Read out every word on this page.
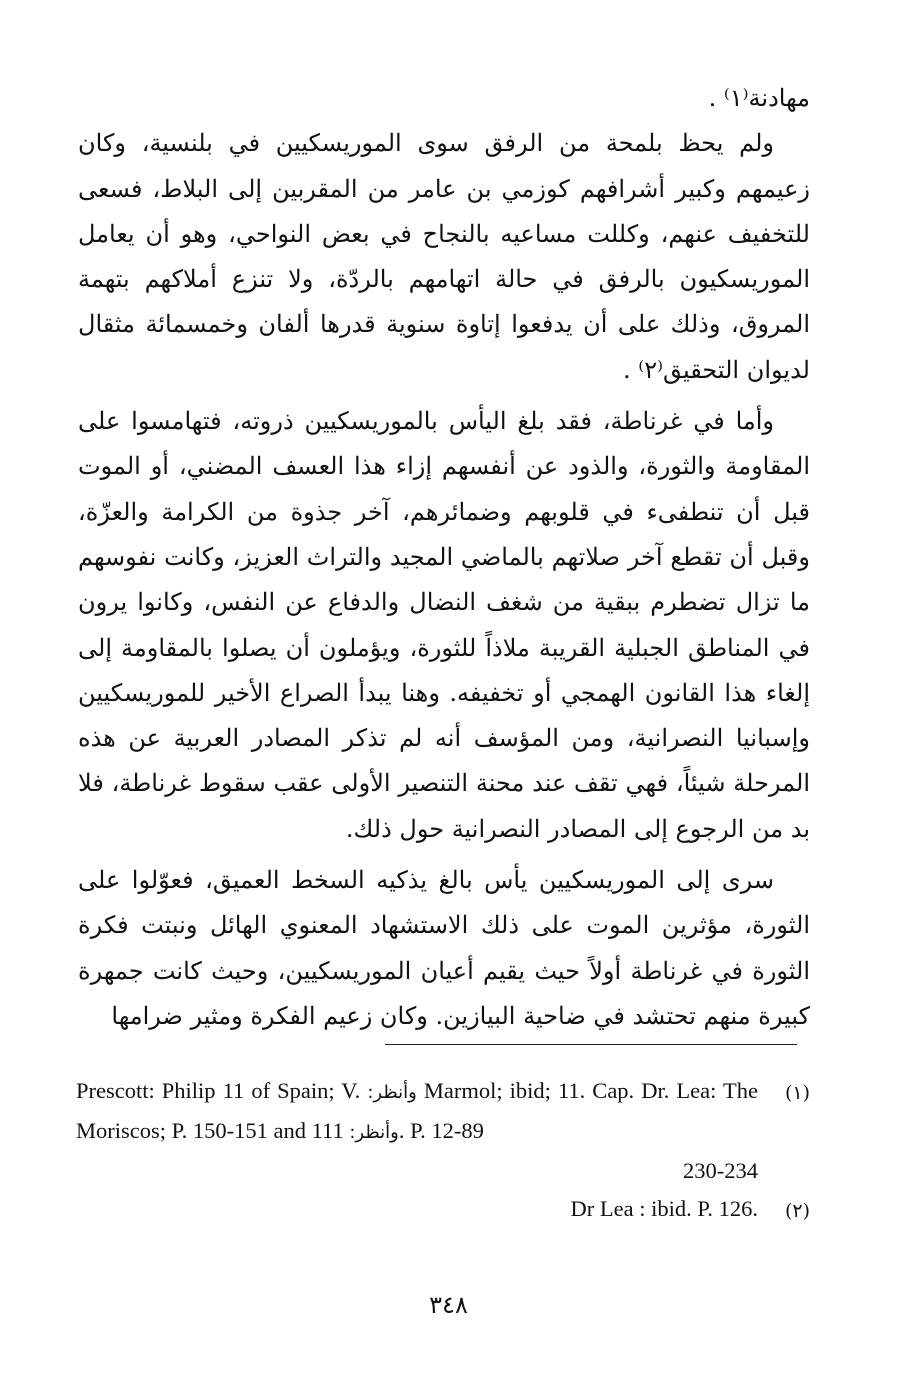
مهادنة⁽١⁾ .

ولم يحظ بلمحة من الرفق سوى الموريسكيين في بلنسية، وكان زعيمهم وكبير أشرافهم كوزمي بن عامر من المقربين إلى البلاط، فسعى للتخفيف عنهم، وكللت مساعيه بالنجاح في بعض النواحي، وهو أن يعامل الموريسكيون بالرفق في حالة اتهامهم بالردّة، ولا تنزع أملاكهم بتهمة المروق، وذلك على أن يدفعوا إتاوة سنوية قدرها ألفان وخمسمائة مثقال لديوان التحقيق⁽٢⁾ .

وأما في غرناطة، فقد بلغ اليأس بالموريسكيين ذروته، فتهامسوا على المقاومة والثورة، والذود عن أنفسهم إزاء هذا العسف المضني، أو الموت قبل أن تنطفىء في قلوبهم وضمائرهم، آخر جذوة من الكرامة والعزّة، وقبل أن تقطع آخر صلاتهم بالماضي المجيد والتراث العزيز، وكانت نفوسهم ما تزال تضطرم ببقية من شغف النضال والدفاع عن النفس، وكانوا يرون في المناطق الجبلية القريبة ملاذاً للثورة، ويؤملون أن يصلوا بالمقاومة إلى إلغاء هذا القانون الهمجي أو تخفيفه. وهنا يبدأ الصراع الأخير للموريسكيين وإسبانيا النصرانية، ومن المؤسف أنه لم تذكر المصادر العربية عن هذه المرحلة شيئاً، فهي تقف عند محنة التنصير الأولى عقب سقوط غرناطة، فلا بد من الرجوع إلى المصادر النصرانية حول ذلك.

سرى إلى الموريسكيين يأس بالغ يذكيه السخط العميق، فعوّلوا على الثورة، مؤثرين الموت على ذلك الاستشهاد المعنوي الهائل ونبتت فكرة الثورة في غرناطة أولاً حيث يقيم أعيان الموريسكيين، وحيث كانت جمهرة كبيرة منهم تحتشد في ضاحية البيازين. وكان زعيم الفكرة ومثير ضرامها

(١)
Prescott: Philip 11 of Spain; V. وأنظر: Marmol; ibid; 11. Cap. Dr. Lea: The Moriscos; P. 150-151 and وأنظر: 111. P. 12-89
230-234
(٢)
Dr Lea : ibid. P. 126.
٣٤٨
